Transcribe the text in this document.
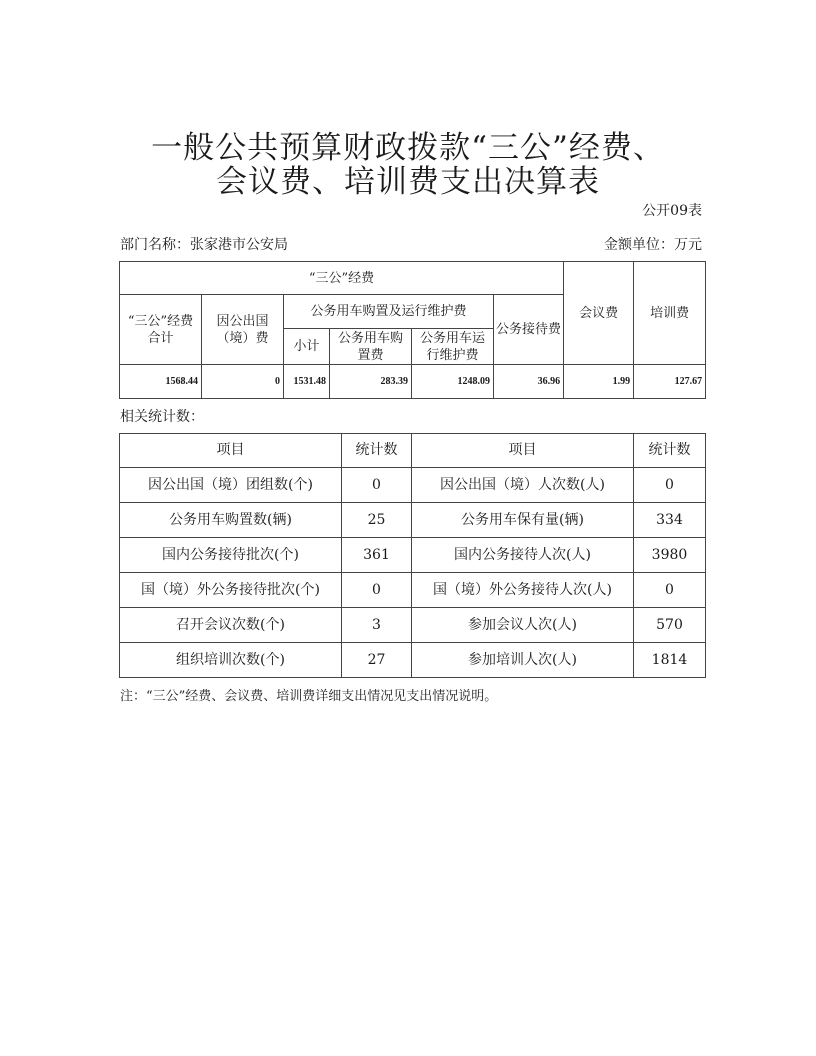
一般公共预算财政拨款“三公”经费、
会议费、培训费支出决算表
公开09表
部门名称：张家港市公安局	金额单位：万元
“三公”经费						会议费	培训费
“三公”经费合计	因公出国（境）费	公务用车购置及运行维护费			公务接待费		
		小计	公务用车购置费	公务用车运行维护费			
1568.44	0	1531.48	283.39	1248.09	36.96	1.99	127.67
相关统计数：
项目	统计数	项目	统计数
因公出国（境）团组数(个)	0	因公出国（境）人次数(人)	0
公务用车购置数(辆)	25	公务用车保有量(辆)	334
国内公务接待批次(个)	361	国内公务接待人次(人)	3980
国（境）外公务接待批次(个)	0	国（境）外公务接待人次(人)	0
召开会议次数(个)	3	参加会议人次(人)	570
组织培训次数(个)	27	参加培训人次(人)	1814
注：“三公”经费、会议费、培训费详细支出情况见支出情况说明。
